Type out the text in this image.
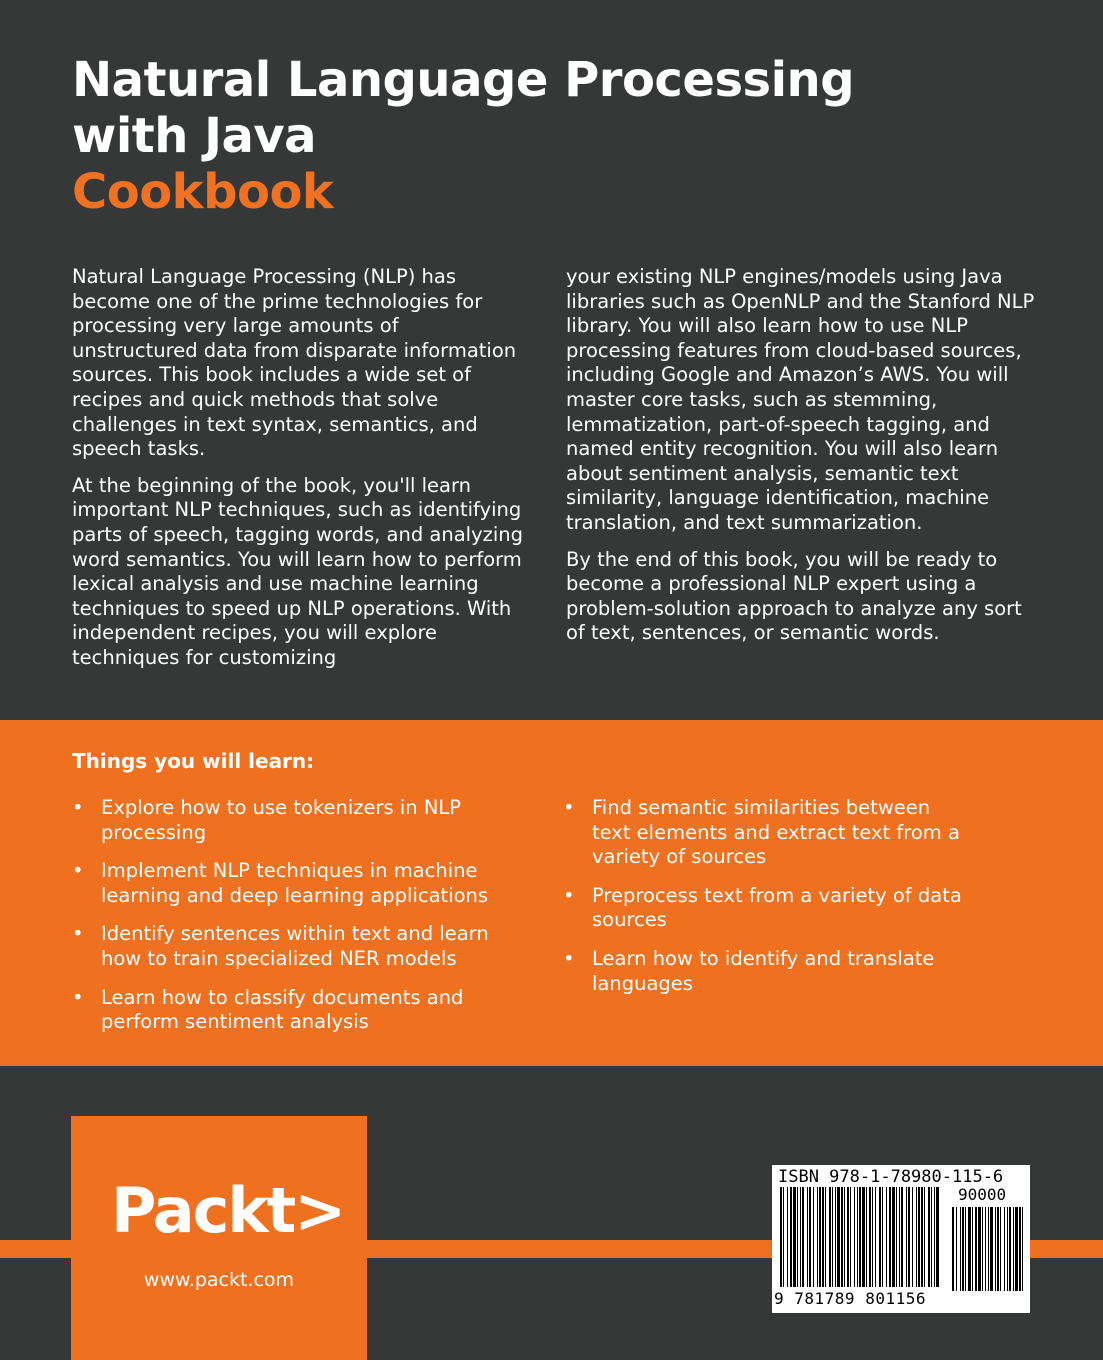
Natural Language Processing
with Java
Cookbook

Natural Language Processing (NLP) has become one of the prime technologies for processing very large amounts of unstructured data from disparate information sources. This book includes a wide set of recipes and quick methods that solve challenges in text syntax, semantics, and speech tasks.

At the beginning of the book, you'll learn important NLP techniques, such as identifying parts of speech, tagging words, and analyzing word semantics. You will learn how to perform lexical analysis and use machine learning techniques to speed up NLP operations. With independent recipes, you will explore techniques for customizing

your existing NLP engines/models using Java libraries such as OpenNLP and the Stanford NLP library. You will also learn how to use NLP processing features from cloud-based sources, including Google and Amazon’s AWS. You will master core tasks, such as stemming, lemmatization, part-of-speech tagging, and named entity recognition. You will also learn about sentiment analysis, semantic text similarity, language identification, machine translation, and text summarization.

By the end of this book, you will be ready to become a professional NLP expert using a problem-solution approach to analyze any sort of text, sentences, or semantic words.

Things you will learn:
• Explore how to use tokenizers in NLP processing
• Implement NLP techniques in machine learning and deep learning applications
• Identify sentences within text and learn how to train specialized NER models
• Learn how to classify documents and perform sentiment analysis
• Find semantic similarities between text elements and extract text from a variety of sources
• Preprocess text from a variety of data sources
• Learn how to identify and translate languages
Packt>
www.packt.com
ISBN 978-1-78980-115-6
90000
9 781789 801156
